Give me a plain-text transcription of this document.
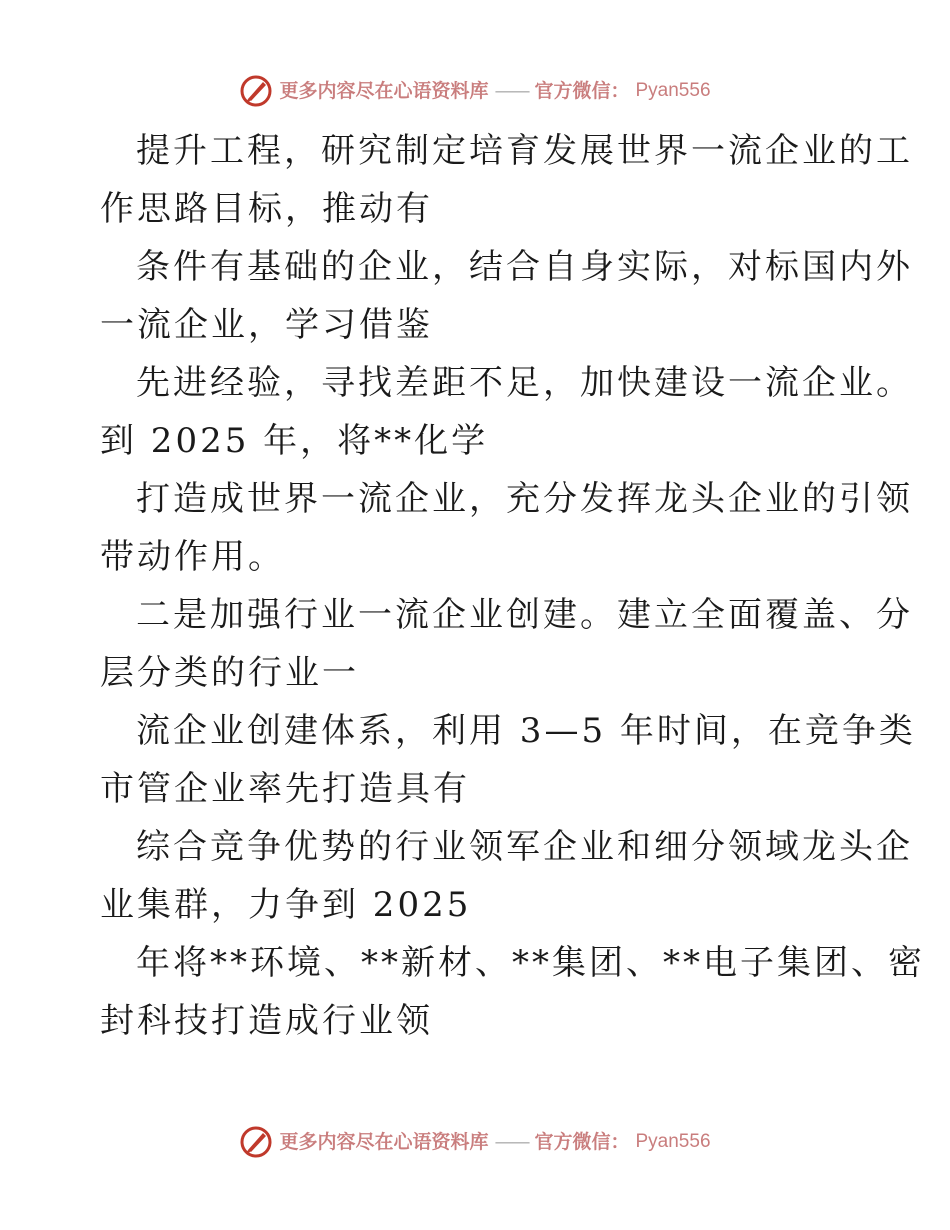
更多内容尽在心语资料库 —— 官方微信： Pyan556
提升工程，研究制定培育发展世界一流企业的工
作思路目标，推动有
条件有基础的企业，结合自身实际，对标国内外
一流企业，学习借鉴
先进经验，寻找差距不足，加快建设一流企业。
到 2025 年，将**化学
打造成世界一流企业，充分发挥龙头企业的引领
带动作用。
二是加强行业一流企业创建。建立全面覆盖、分
层分类的行业一
流企业创建体系，利用 3—5 年时间，在竞争类
市管企业率先打造具有
综合竞争优势的行业领军企业和细分领域龙头企
业集群，力争到 2025
年将**环境、**新材、**集团、**电子集团、密
封科技打造成行业领
更多内容尽在心语资料库 —— 官方微信： Pyan556
